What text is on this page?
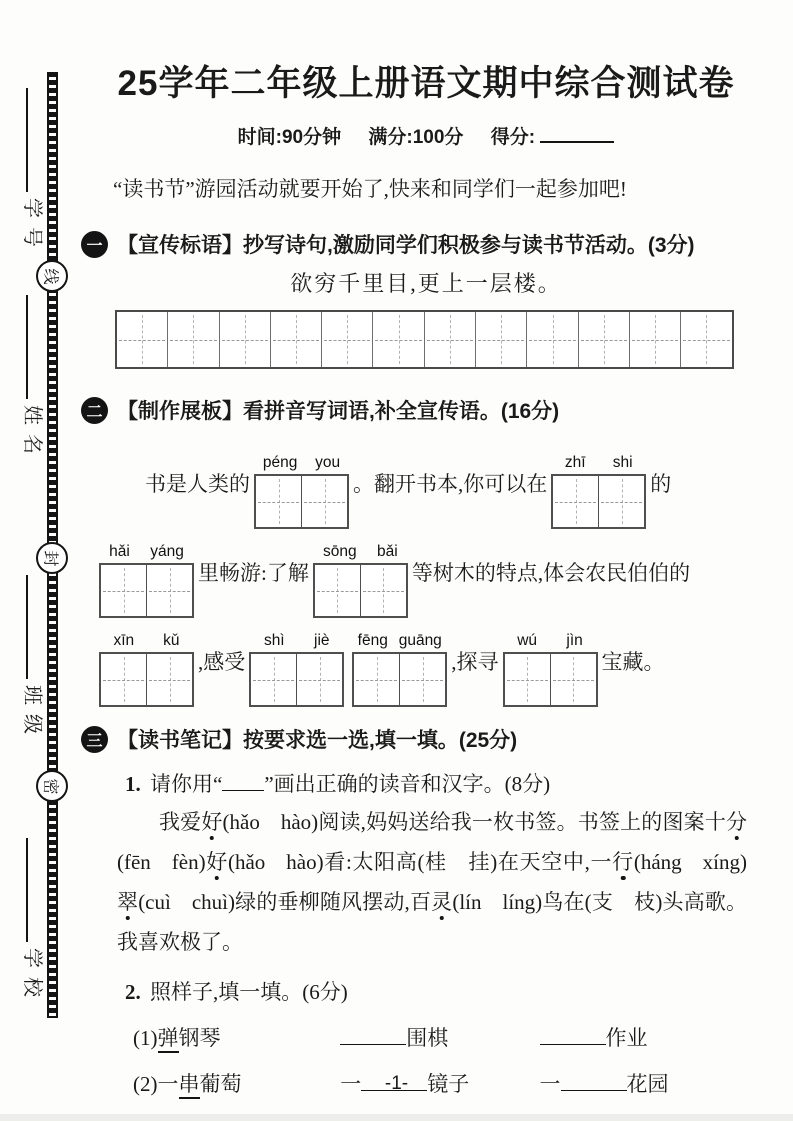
学号
姓名
班级
学校
线
封
密
25学年二年级上册语文期中综合测试卷
时间:90分钟 满分:100分 得分:
“读书节”游园活动就要开始了,快来和同学们一起参加吧!
一 【宣传标语】抄写诗句,激励同学们积极参与读书节活动。(3分)
欲穷千里目,更上一层楼。
二 【制作展板】看拼音写词语,补全宣传语。(16分)
书是人类的
péng you
。翻开书本,你可以在
zhī shi
的
hǎi yáng
里畅游:了解
sōng bǎi
等树木的特点,体会农民伯伯的
xīn kǔ
,感受
shì jiè fēng guāng
,探寻
wú jìn
宝藏。
三 【读书笔记】按要求选一选,填一填。(25分)
1. 请你用“ ”画出正确的读音和汉字。(8分)
我爱好(hǎo  hào)阅读,妈妈送给我一枚书签。书签上的图案十分(fēn  fèn)好(hǎo  hào)看:太阳高(桂  挂)在天空中,一行(háng  xíng)翠(cuì  chuì)绿的垂柳随风摆动,百灵(lín  líng)鸟在(支  枝)头高歌。我喜欢极了。
2. 照样子,填一填。(6分)
(1)弹钢琴	围棋	作业
(2)一串葡萄	一	镜子	一	花园
-1-
